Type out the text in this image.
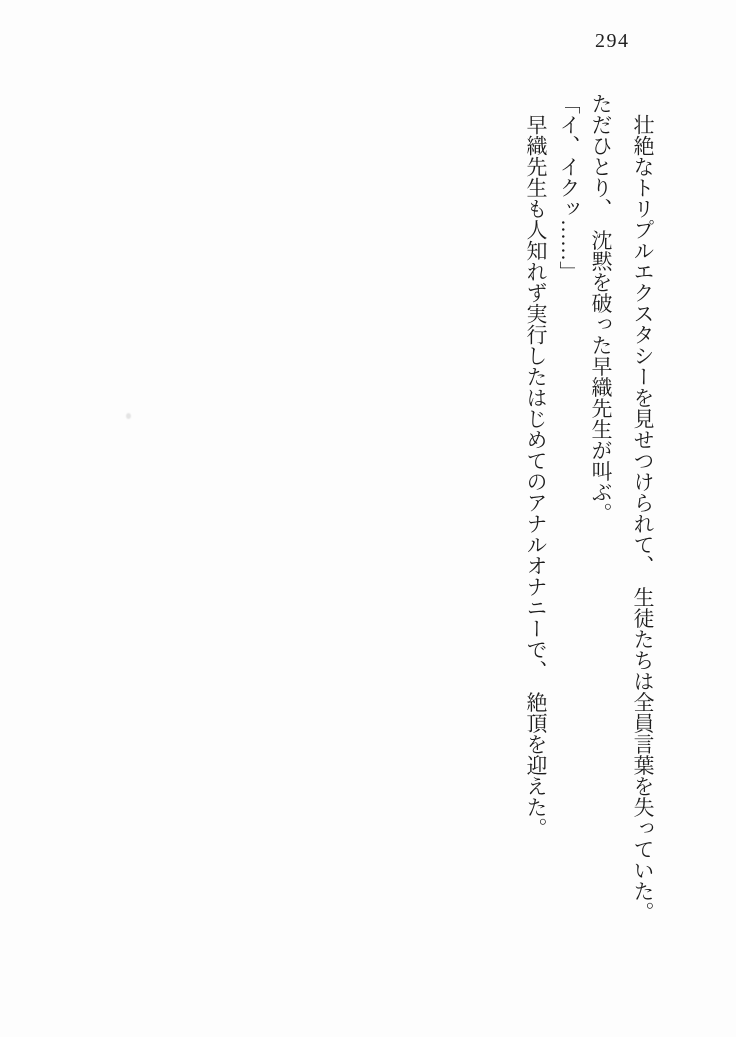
294

　壮絶なトリプルエクスタシーを見せつけられて、　生徒たちは全員言葉を失っていた。

ただひとり、　沈黙を破った早織先生が叫ぶ。

「イ、イクッ……」

　早織先生も人知れず実行したはじめてのアナルオナニーで、　絶頂を迎えた。
